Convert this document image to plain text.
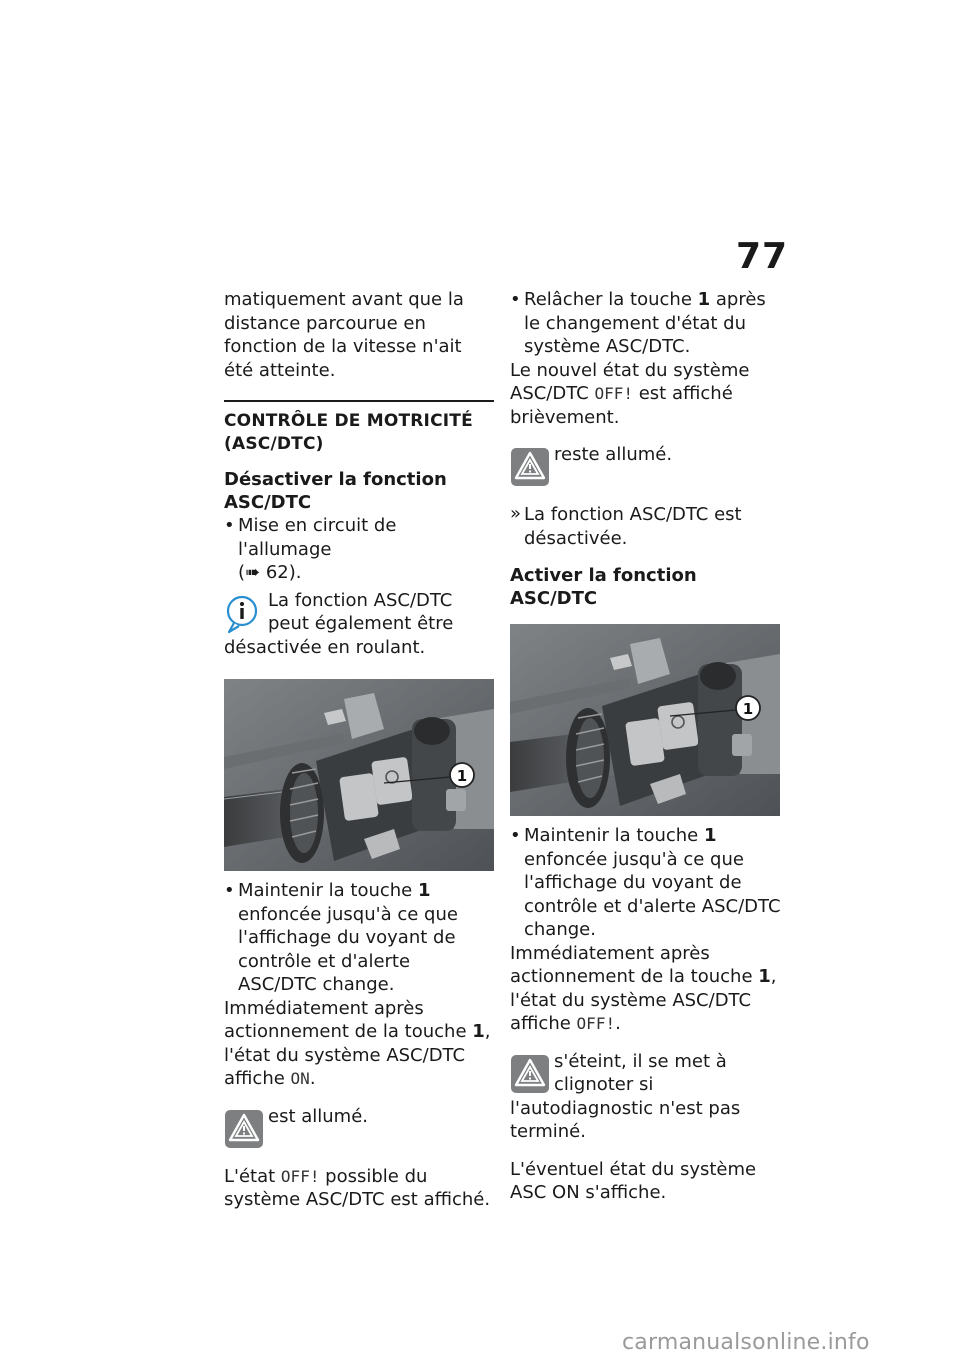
77

matiquement avant que la distance parcourue en fonction de la vitesse n'ait été atteinte.

CONTRÔLE DE MOTRICITÉ (ASC/DTC)
Désactiver la fonction ASC/DTC
• Mise en circuit de l'allumage
(➠ 62).
La fonction ASC/DTC peut également être désactivée en roulant.
1
• Maintenir la touche 1 enfoncée jusqu'à ce que l'affichage du voyant de contrôle et d'alerte ASC/DTC change.

Immédiatement après actionnement de la touche 1, l'état du système ASC/DTC affiche ON.

est allumé.

L'état OFF! possible du système ASC/DTC est affiché.

• Relâcher la touche 1 après le changement d'état du système ASC/DTC.

Le nouvel état du système ASC/DTC OFF! est affiché brièvement.

reste allumé.
» La fonction ASC/DTC est désactivée.
Activer la fonction ASC/DTC
1
• Maintenir la touche 1 enfoncée jusqu'à ce que l'affichage du voyant de contrôle et d'alerte ASC/DTC change.

Immédiatement après actionnement de la touche 1, l'état du système ASC/DTC affiche OFF!.

s'éteint, il se met à clignoter si l'autodiagnostic n'est pas terminé.

L'éventuel état du système ASC ON s'affiche.

carmanualsonline.info
